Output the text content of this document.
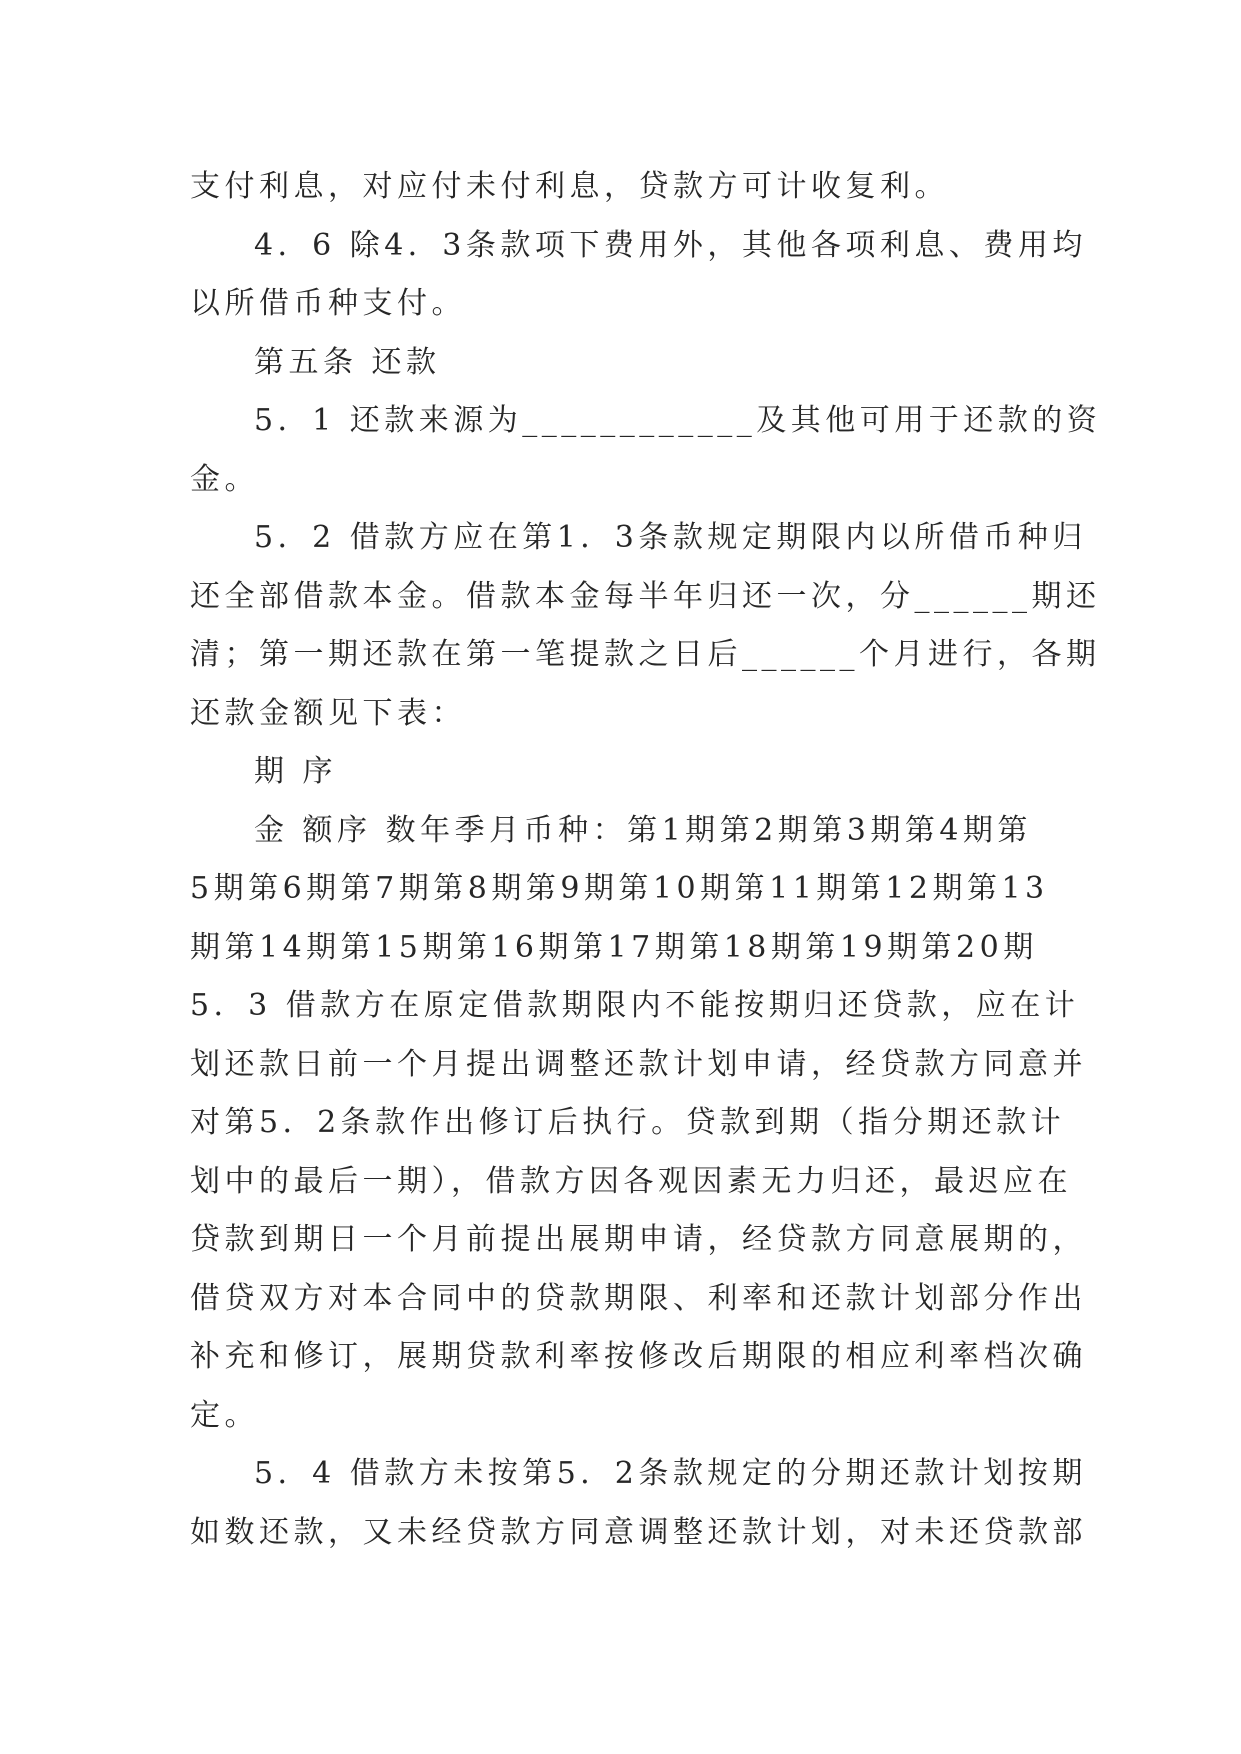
支付利息，对应付未付利息，贷款方可计收复利。
4．6 除4．3条款项下费用外，其他各项利息、费用均
以所借币种支付。
第五条 还款
5．1 还款来源为____________及其他可用于还款的资
金。
5．2 借款方应在第1．3条款规定期限内以所借币种归
还全部借款本金。借款本金每半年归还一次，分______期还
清；第一期还款在第一笔提款之日后______个月进行，各期
还款金额见下表：
期 序
金 额序 数年季月币种：第1期第2期第3期第4期第
5期第6期第7期第8期第9期第10期第11期第12期第13
期第14期第15期第16期第17期第18期第19期第20期
5．3 借款方在原定借款期限内不能按期归还贷款，应在计
划还款日前一个月提出调整还款计划申请，经贷款方同意并
对第5．2条款作出修订后执行。贷款到期（指分期还款计
划中的最后一期），借款方因各观因素无力归还，最迟应在
贷款到期日一个月前提出展期申请，经贷款方同意展期的，
借贷双方对本合同中的贷款期限、利率和还款计划部分作出
补充和修订，展期贷款利率按修改后期限的相应利率档次确
定。
5．4 借款方未按第5．2条款规定的分期还款计划按期
如数还款，又未经贷款方同意调整还款计划，对未还贷款部
